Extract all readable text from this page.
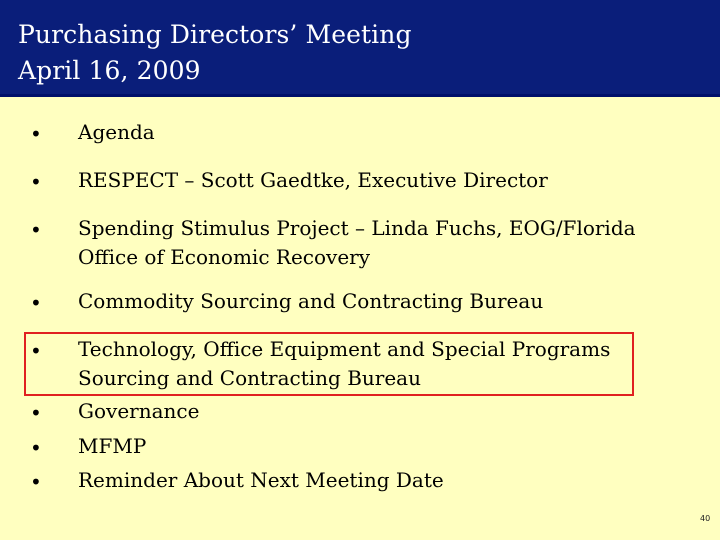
Purchasing Directors’ Meeting
April 16, 2009
• Agenda
• RESPECT – Scott Gaedtke, Executive Director
• Spending Stimulus Project – Linda Fuchs, EOG/Florida
Office of Economic Recovery
• Commodity Sourcing and Contracting Bureau
• Technology, Office Equipment and Special Programs
Sourcing and Contracting Bureau
• Governance
• MFMP
• Reminder About Next Meeting Date
40
